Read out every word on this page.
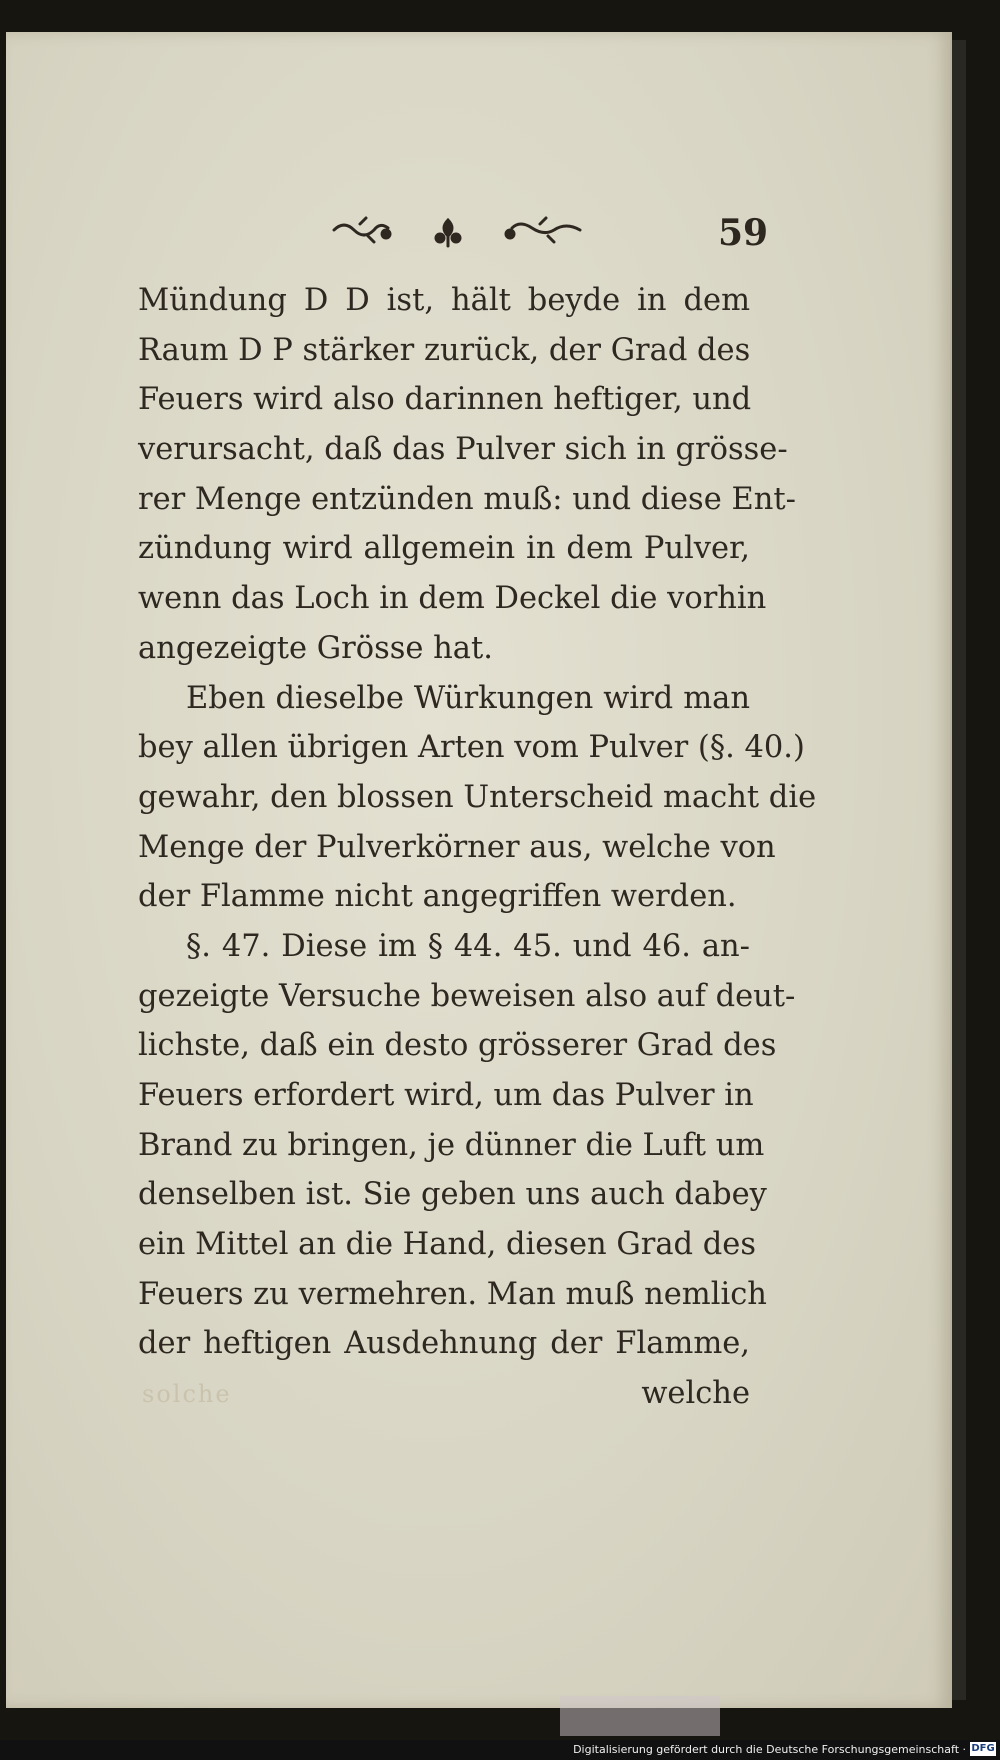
59
Mündung D D ist, hält beyde in dem
Raum D P stärker zurück, der Grad des
Feuers wird also darinnen heftiger, und
verursacht, daß das Pulver sich in grösse-
rer Menge entzünden muß: und diese Ent-
zündung wird allgemein in dem Pulver,
wenn das Loch in dem Deckel die vorhin
angezeigte Grösse hat.
Eben dieselbe Würkungen wird man
bey allen übrigen Arten vom Pulver (§. 40.)
gewahr, den blossen Unterscheid macht die
Menge der Pulverkörner aus, welche von
der Flamme nicht angegriffen werden.
§. 47. Diese im § 44. 45. und 46. an-
gezeigte Versuche beweisen also auf deut-
lichste, daß ein desto grösserer Grad des
Feuers erfordert wird, um das Pulver in
Brand zu bringen, je dünner die Luft um
denselben ist. Sie geben uns auch dabey
ein Mittel an die Hand, diesen Grad des
Feuers zu vermehren. Man muß nemlich
der heftigen Ausdehnung der Flamme,
welche
solche
Digitalisierung gefördert durch die Deutsche Forschungsgemeinschaft · DFG
